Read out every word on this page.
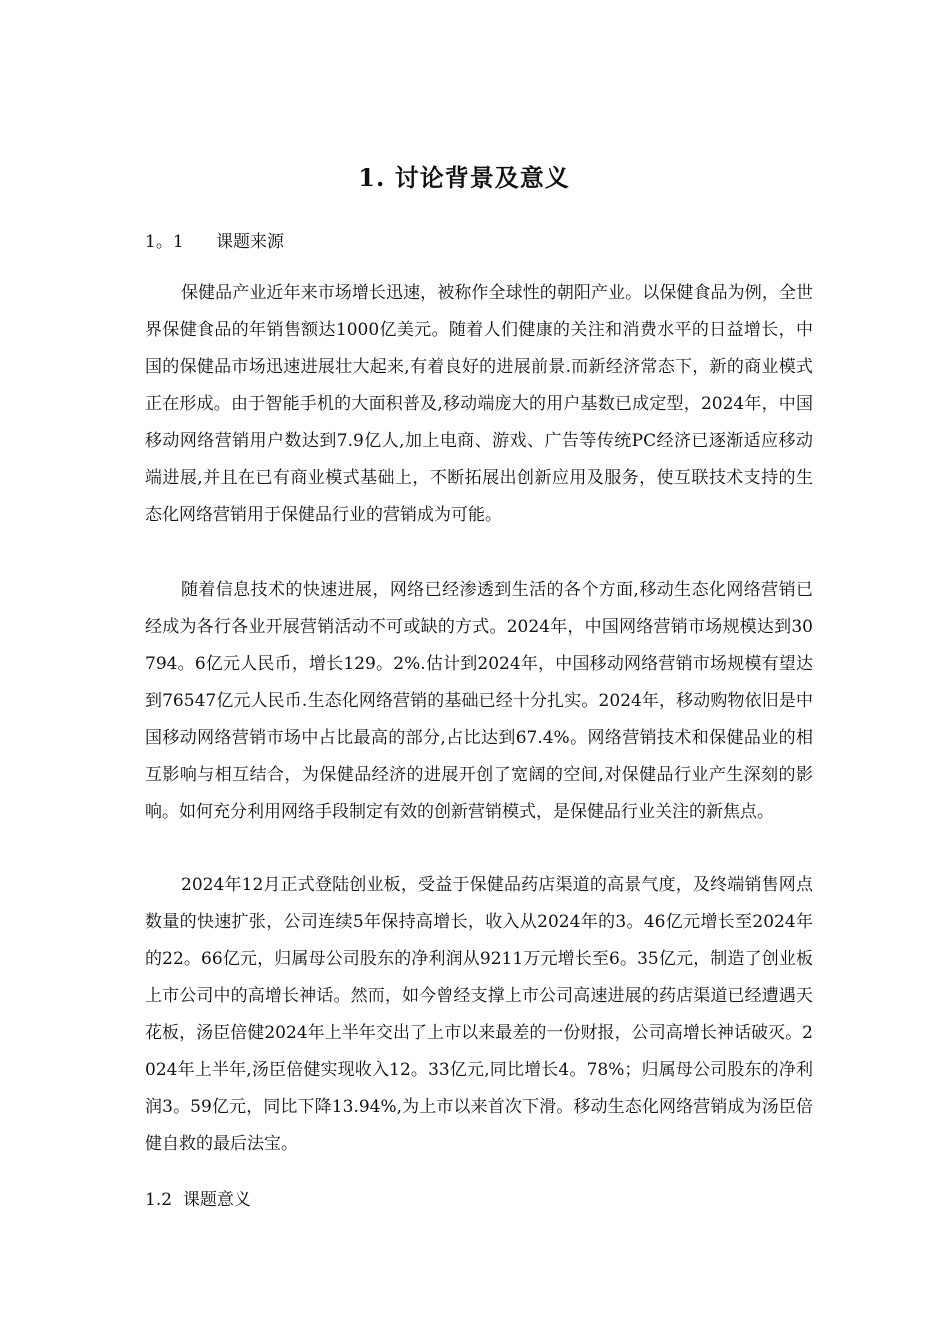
1. 讨论背景及意义
1。1      课题来源

保健品产业近年来市场增长迅速，被称作全球性的朝阳产业。以保健食品为例，全世界保健食品的年销售额达1000亿美元。随着人们健康的关注和消费水平的日益增长，中国的保健品市场迅速进展壮大起来,有着良好的进展前景.而新经济常态下，新的商业模式正在形成。由于智能手机的大面积普及,移动端庞大的用户基数已成定型，2024年，中国移动网络营销用户数达到7.9亿人,加上电商、游戏、广告等传统PC经济已逐渐适应移动端进展,并且在已有商业模式基础上，不断拓展出创新应用及服务，使互联技术支持的生态化网络营销用于保健品行业的营销成为可能。

随着信息技术的快速进展，网络已经渗透到生活的各个方面,移动生态化网络营销已经成为各行各业开展营销活动不可或缺的方式。2024年，中国网络营销市场规模达到30794。6亿元人民币，增长129。2%.估计到2024年，中国移动网络营销市场规模有望达到76547亿元人民币.生态化网络营销的基础已经十分扎实。2024年，移动购物依旧是中国移动网络营销市场中占比最高的部分,占比达到67.4%。网络营销技术和保健品业的相互影响与相互结合，为保健品经济的进展开创了宽阔的空间,对保健品行业产生深刻的影响。如何充分利用网络手段制定有效的创新营销模式，是保健品行业关注的新焦点。

2024年12月正式登陆创业板，受益于保健品药店渠道的高景气度，及终端销售网点数量的快速扩张，公司连续5年保持高增长，收入从2024年的3。46亿元增长至2024年的22。66亿元，归属母公司股东的净利润从9211万元增长至6。35亿元，制造了创业板上市公司中的高增长神话。然而，如今曾经支撑上市公司高速进展的药店渠道已经遭遇天花板，汤臣倍健2024年上半年交出了上市以来最差的一份财报，公司高增长神话破灭。2024年上半年,汤臣倍健实现收入12。33亿元,同比增长4。78%；归属母公司股东的净利润3。59亿元，同比下降13.94%,为上市以来首次下滑。移动生态化网络营销成为汤臣倍健自救的最后法宝。

1.2  课题意义
